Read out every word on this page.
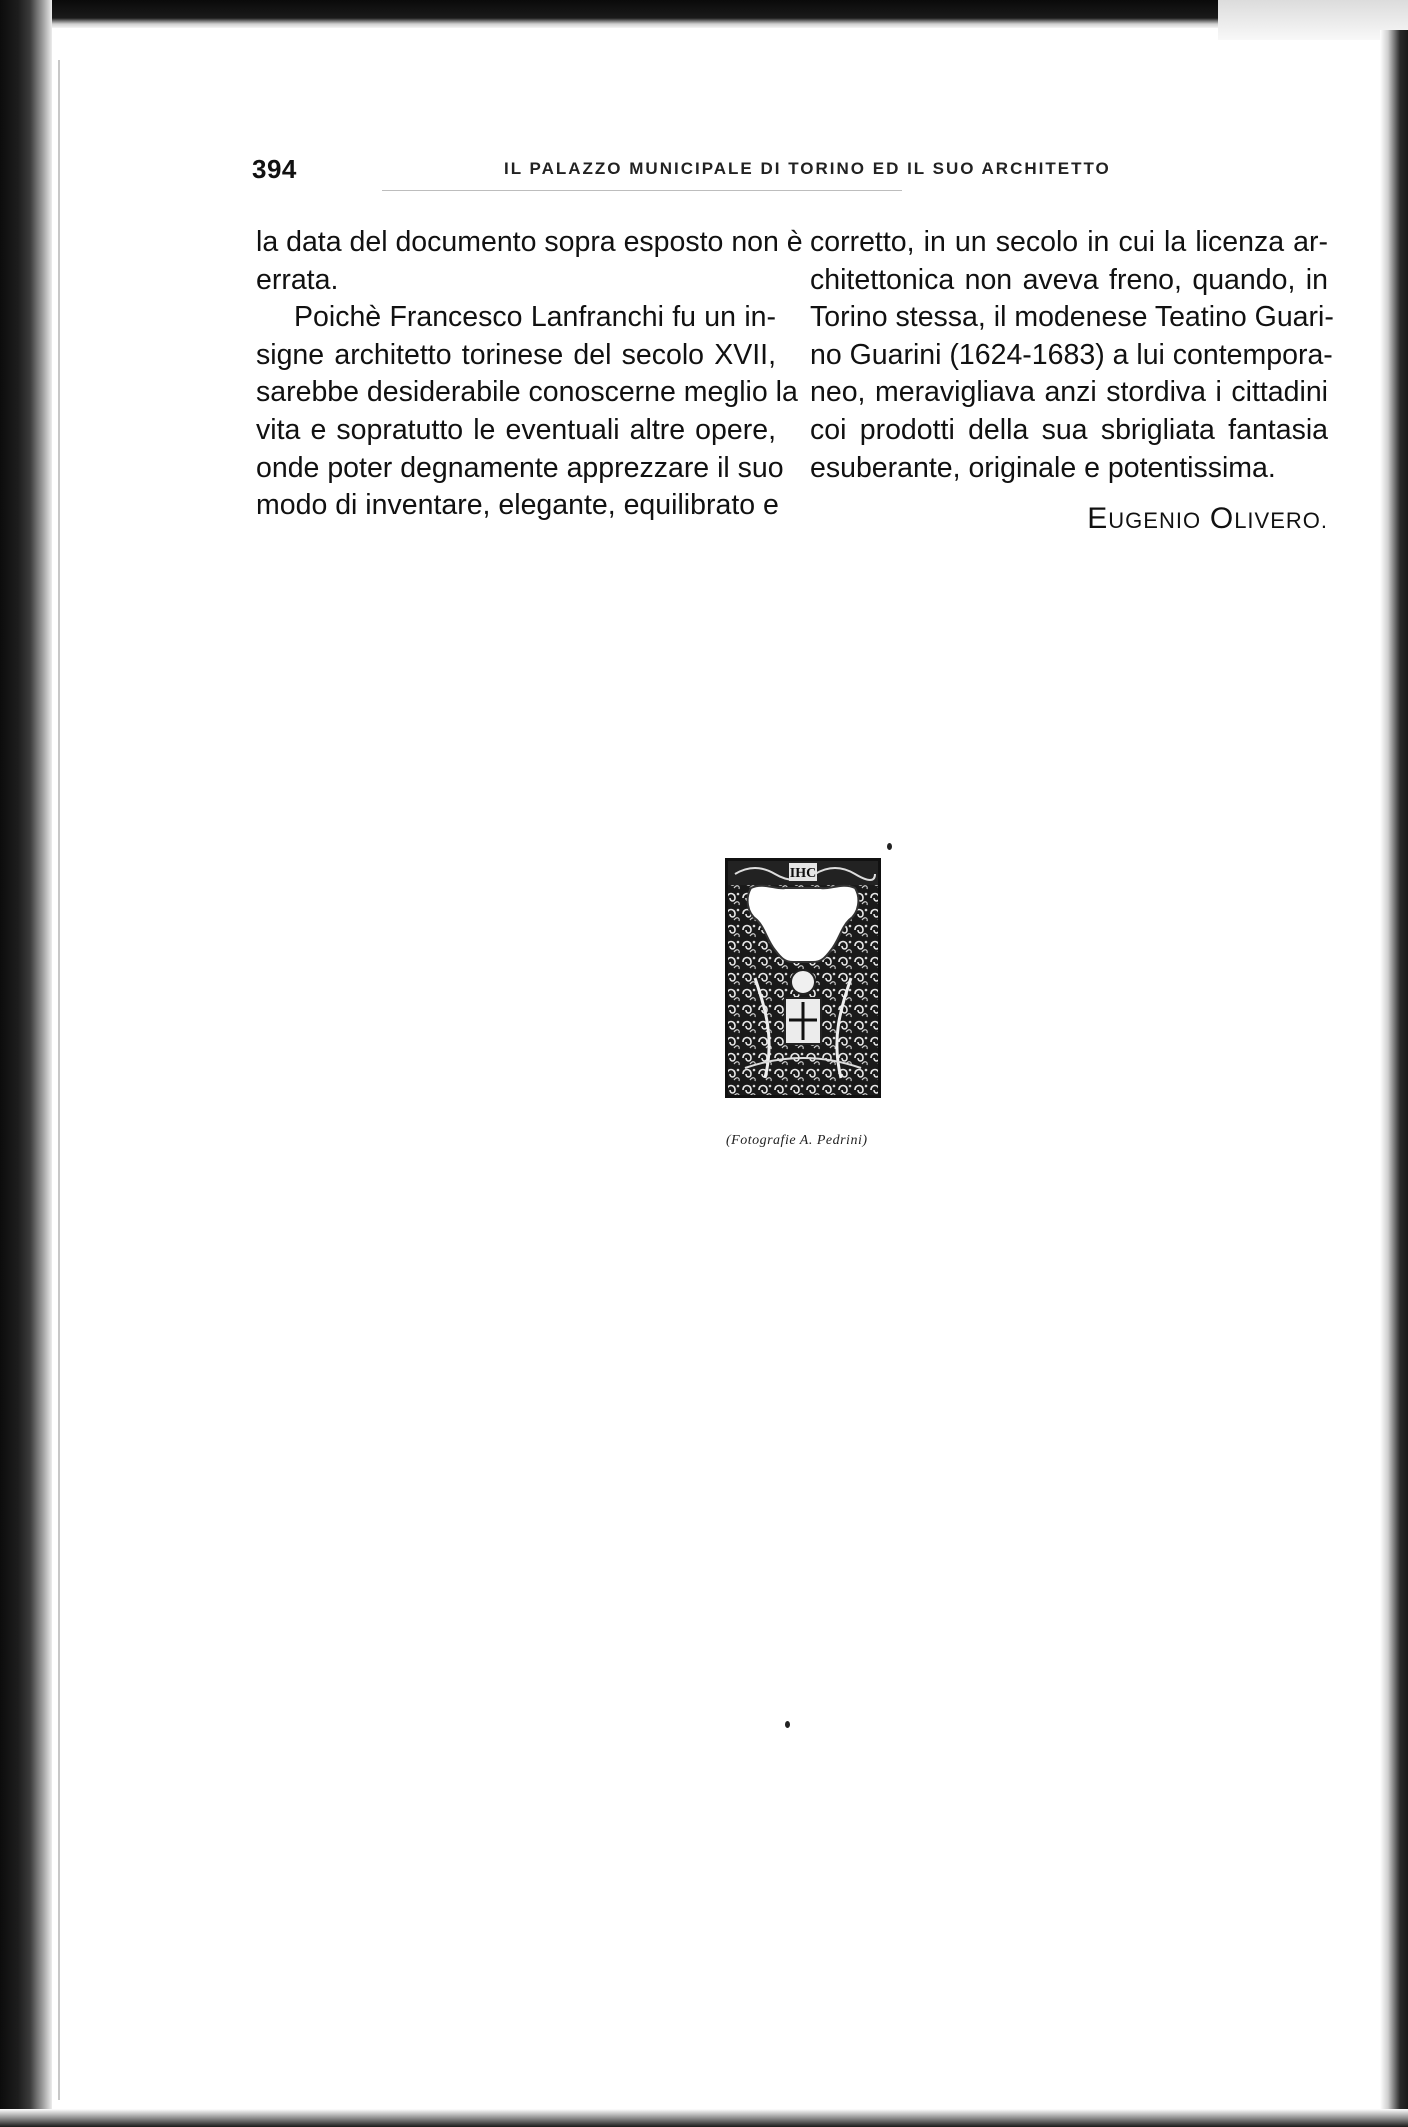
394	IL PALAZZO MUNICIPALE DI TORINO ED IL SUO ARCHITETTO
la data del documento sopra esposto non è
errata.
Poichè Francesco Lanfranchi fu un in-
signe architetto torinese del secolo XVII,
sarebbe desiderabile conoscerne meglio la
vita e sopratutto le eventuali altre opere,
onde poter degnamente apprezzare il suo
modo di inventare, elegante, equilibrato e
corretto, in un secolo in cui la licenza ar-
chitettonica non aveva freno, quando, in
Torino stessa, il modenese Teatino Guari-
no Guarini (1624-1683) a lui contempora-
neo, meravigliava anzi stordiva i cittadini
coi prodotti della sua sbrigliata fantasia
esuberante, originale e potentissima.
EUGENIO OLIVERO.
IHC
(Fotografie A. Pedrini)
